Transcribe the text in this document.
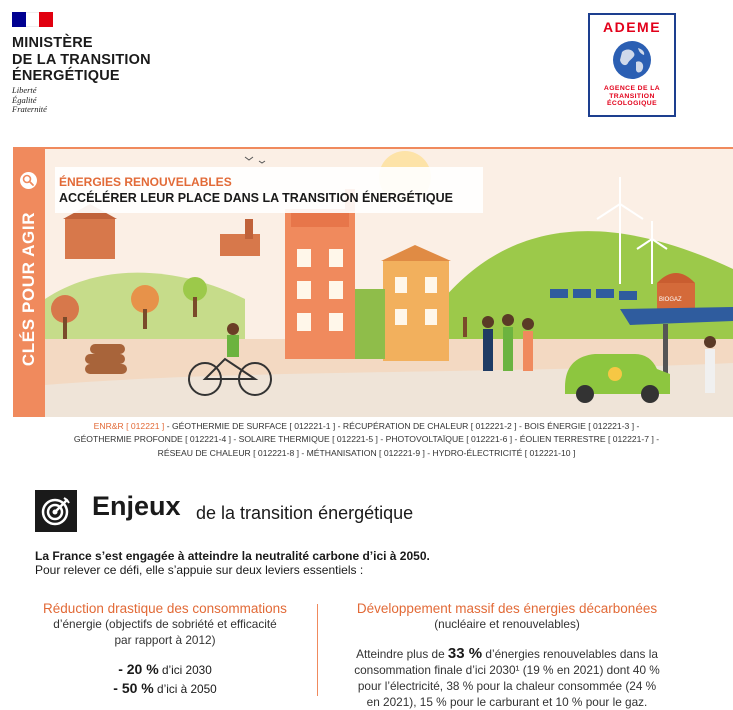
MINISTÈRE
DE LA TRANSITION
ÉNERGÉTIQUE
Liberté
Égalité
Fraternité
ADEME
AGENCE DE LA
TRANSITION
ÉCOLOGIQUE
CLÉS POUR AGIR	BIOGAZ
ÉNERGIES RENOUVELABLES
ACCÉLÉRER LEUR PLACE DANS LA TRANSITION ÉNERGÉTIQUE
ENR&R [ 012221 ] - GÉOTHERMIE DE SURFACE [ 012221-1 ] - RÉCUPÉRATION DE CHALEUR [ 012221-2 ] - BOIS ÉNERGIE [ 012221-3 ] -
GÉOTHERMIE PROFONDE [ 012221-4 ] - SOLAIRE THERMIQUE [ 012221-5 ] - PHOTOVOLTAÏQUE [ 012221-6 ] - ÉOLIEN TERRESTRE [ 012221-7 ] -
RÉSEAU DE CHALEUR [ 012221-8 ] - MÉTHANISATION [ 012221-9 ] - HYDRO-ÉLECTRICITÉ [ 012221-10 ]
Enjeux de la transition énergétique
La France s’est engagée à atteindre la neutralité carbone d’ici à 2050.
Pour relever ce défi, elle s’appuie sur deux leviers essentiels :
Réduction drastique des consommations
d’énergie (objectifs de sobriété et efficacité
par rapport à 2012)
- 20 % d’ici 2030
- 50 % d’ici à 2050
Développement massif des énergies décarbonées
(nucléaire et renouvelables)
Atteindre plus de 33 % d’énergies renouvelables dans la
consommation finale d’ici 2030¹ (19 % en 2021) dont 40 %
pour l’électricité, 38 % pour la chaleur consommée (24 %
en 2021), 15 % pour le carburant et 10 % pour le gaz.
